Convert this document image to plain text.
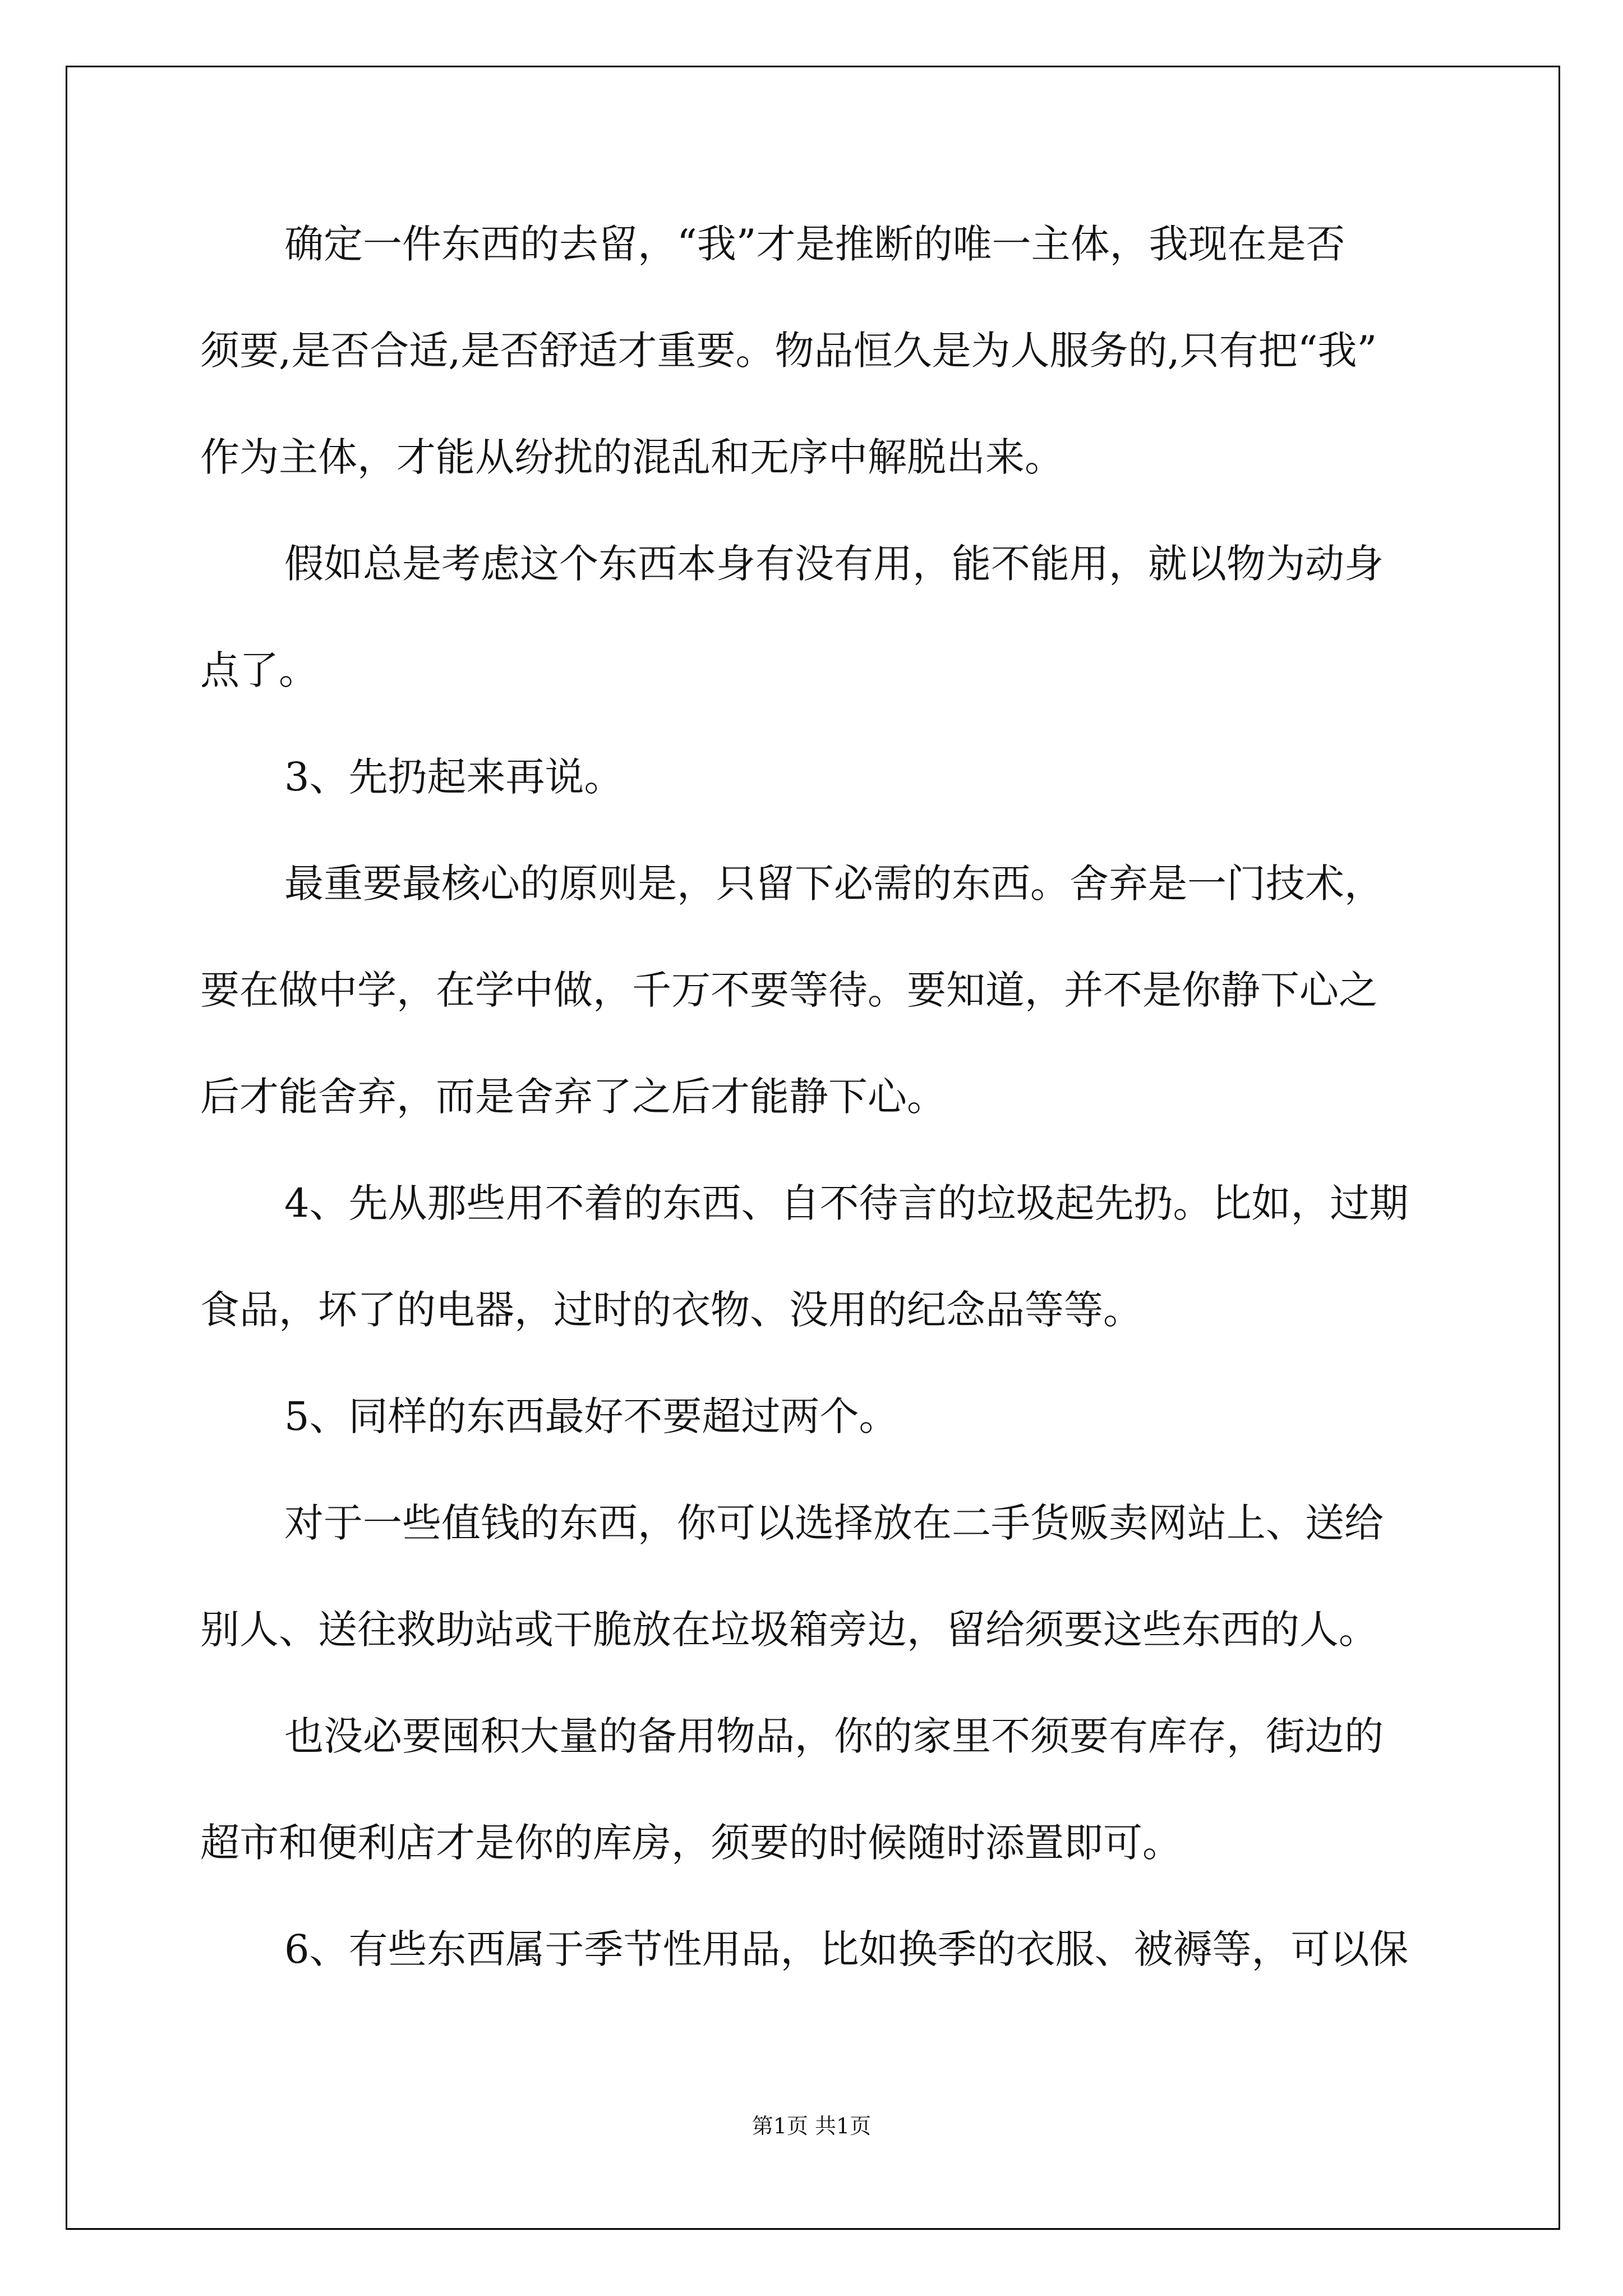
确定一件东西的去留，“我”才是推断的唯一主体，我现在是否
须要,是否合适,是否舒适才重要。物品恒久是为人服务的,只有把“我”
作为主体，才能从纷扰的混乱和无序中解脱出来。
假如总是考虑这个东西本身有没有用，能不能用，就以物为动身
点了。
3、先扔起来再说。
最重要最核心的原则是，只留下必需的东西。舍弃是一门技术，
要在做中学，在学中做，千万不要等待。要知道，并不是你静下心之
后才能舍弃，而是舍弃了之后才能静下心。
4、先从那些用不着的东西、自不待言的垃圾起先扔。比如，过期
食品，坏了的电器，过时的衣物、没用的纪念品等等。
5、同样的东西最好不要超过两个。
对于一些值钱的东西，你可以选择放在二手货贩卖网站上、送给
别人、送往救助站或干脆放在垃圾箱旁边，留给须要这些东西的人。
也没必要囤积大量的备用物品，你的家里不须要有库存，街边的
超市和便利店才是你的库房，须要的时候随时添置即可。
6、有些东西属于季节性用品，比如换季的衣服、被褥等，可以保
第1页 共1页
